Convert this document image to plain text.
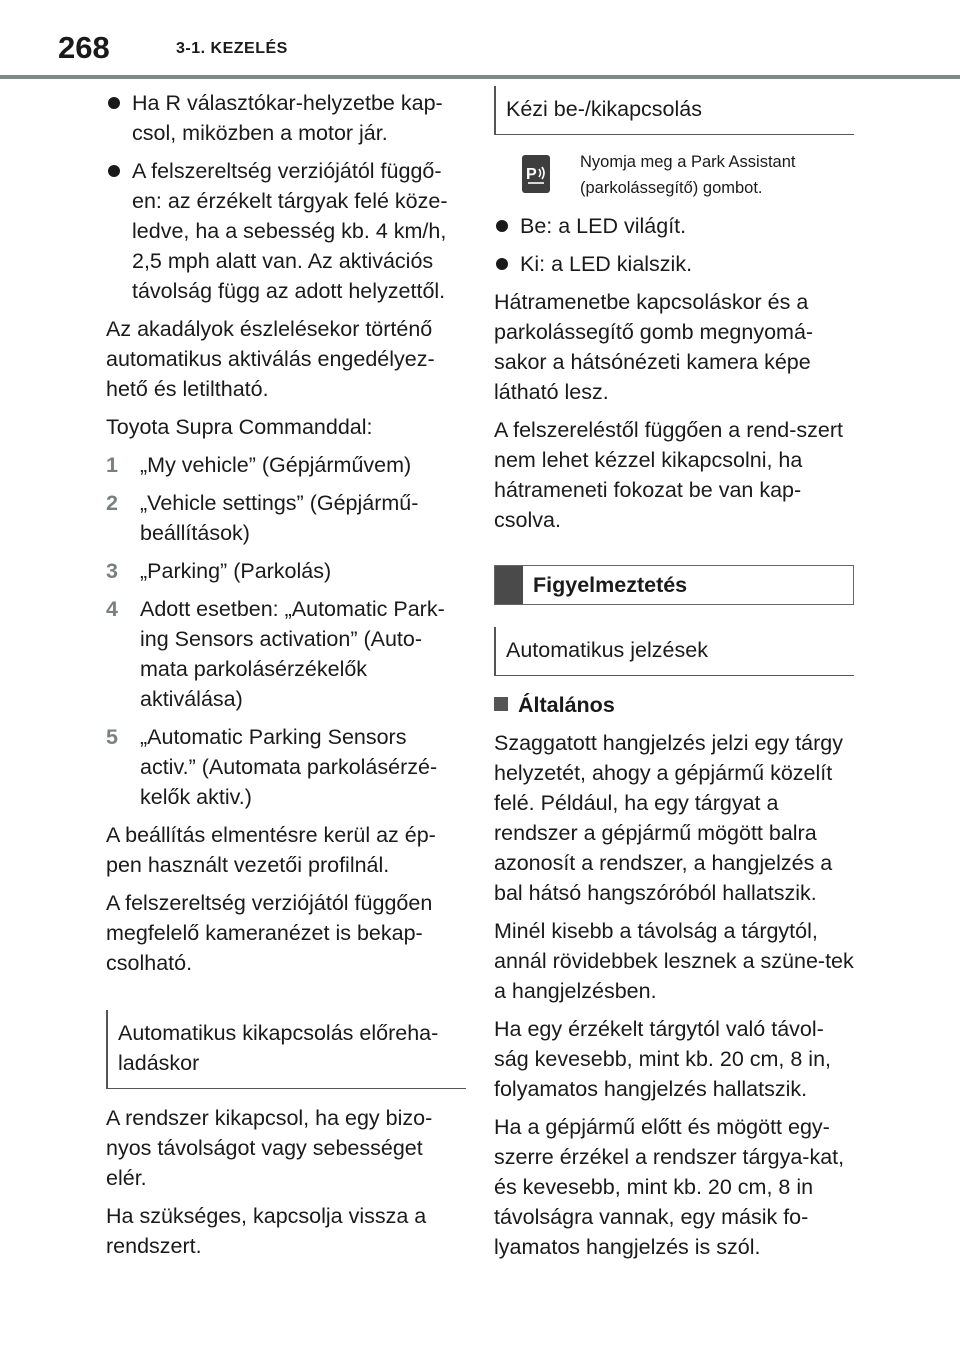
268	3-1. KEZELÉS
Ha R választókar-helyzetbe kap-csol, miközben a motor jár.
A felszereltség verziójától függő-en: az érzékelt tárgyak felé köze-ledve, ha a sebesség kb. 4 km/h, 2,5 mph alatt van. Az aktivációs távolság függ az adott helyzettől.

Az akadályok észlelésekor történő automatikus aktiválás engedélyez-hető és letiltható.

Toyota Supra Commanddal:

1 „My vehicle” (Gépjárművem)
2 „Vehicle settings” (Gépjármű-beállítások)
3 „Parking” (Parkolás)
4 Adott esetben: „Automatic Park-ing Sensors activation” (Auto-mata parkolásérzékelők aktiválása)
5 „Automatic Parking Sensors activ.” (Automata parkolásérzé-kelők aktiv.)

A beállítás elmentésre kerül az ép-pen használt vezetői profilnál.

A felszereltség verziójától függően megfelelő kameranézet is bekap-csolható.

Automatikus kikapcsolás előreha-ladáskor

A rendszer kikapcsol, ha egy bizo-nyos távolságot vagy sebességet elér.

Ha szükséges, kapcsolja vissza a rendszert.

Kézi be-/kikapcsolás
P
Nyomja meg a Park Assistant (parkolássegítő) gombot.
Be: a LED világít.
Ki: a LED kialszik.

Hátramenetbe kapcsoláskor és a parkolássegítő gomb megnyomá-sakor a hátsónézeti kamera képe látható lesz.

A felszereléstől függően a rend-szert nem lehet kézzel kikapcsolni, ha hátrameneti fokozat be van kap-csolva.

Figyelmeztetés
Automatikus jelzések
Általános

Szaggatott hangjelzés jelzi egy tárgy helyzetét, ahogy a gépjármű közelít felé. Például, ha egy tárgyat a rendszer a gépjármű mögött balra azonosít a rendszer, a hangjelzés a bal hátsó hangszóróból hallatszik.

Minél kisebb a távolság a tárgytól, annál rövidebbek lesznek a szüne-tek a hangjelzésben.

Ha egy érzékelt tárgytól való távol-ság kevesebb, mint kb. 20 cm, 8 in, folyamatos hangjelzés hallatszik.

Ha a gépjármű előtt és mögött egy-szerre érzékel a rendszer tárgya-kat, és kevesebb, mint kb. 20 cm, 8 in távolságra vannak, egy másik fo-lyamatos hangjelzés is szól.
